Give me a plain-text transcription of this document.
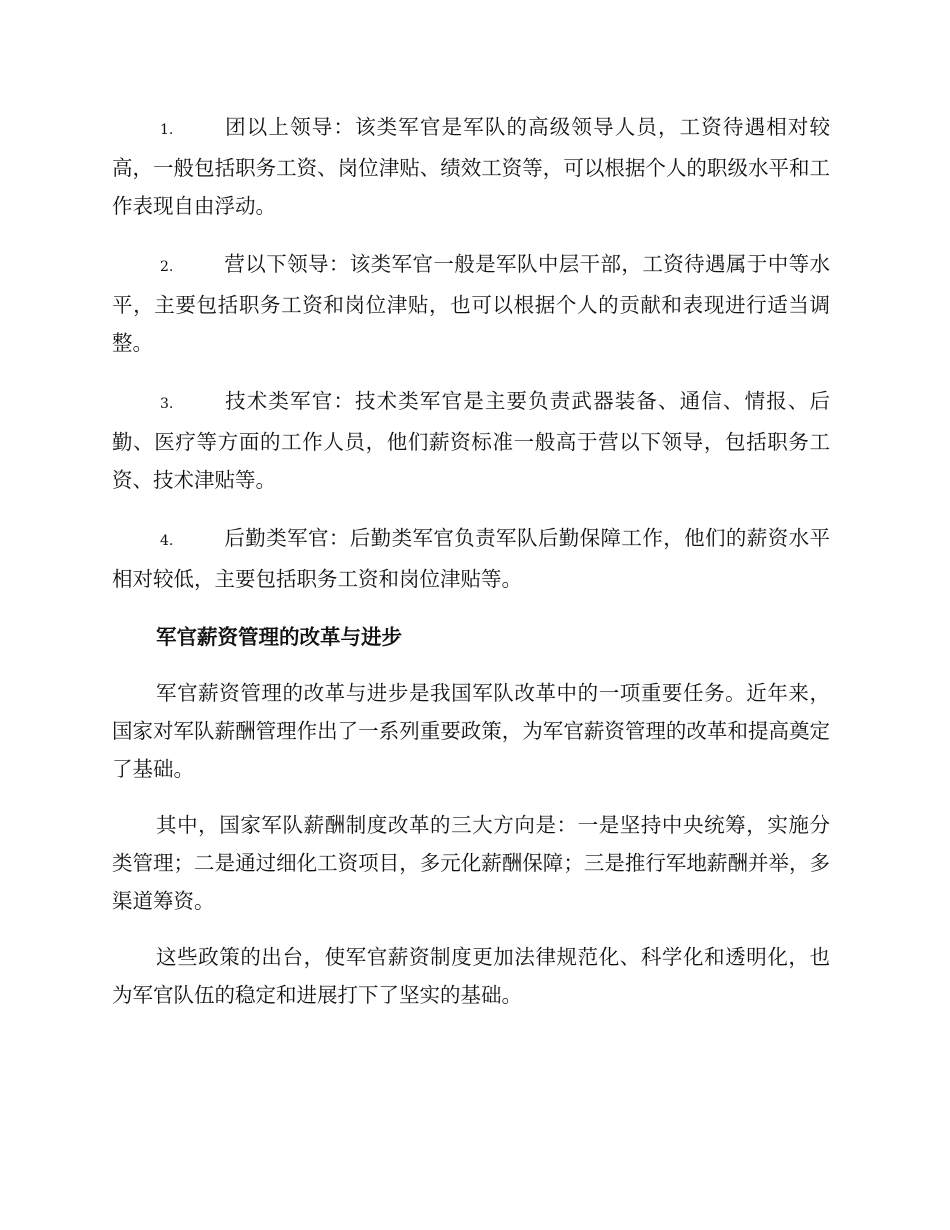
1. 团以上领导：该类军官是军队的高级领导人员，工资待遇相对较高，一般包括职务工资、岗位津贴、绩效工资等，可以根据个人的职级水平和工作表现自由浮动。
2. 营以下领导：该类军官一般是军队中层干部，工资待遇属于中等水平，主要包括职务工资和岗位津贴，也可以根据个人的贡献和表现进行适当调整。
3. 技术类军官：技术类军官是主要负责武器装备、通信、情报、后勤、医疗等方面的工作人员，他们薪资标准一般高于营以下领导，包括职务工资、技术津贴等。
4. 后勤类军官：后勤类军官负责军队后勤保障工作，他们的薪资水平相对较低，主要包括职务工资和岗位津贴等。
军官薪资管理的改革与进步

军官薪资管理的改革与进步是我国军队改革中的一项重要任务。近年来，国家对军队薪酬管理作出了一系列重要政策，为军官薪资管理的改革和提高奠定了基础。

其中，国家军队薪酬制度改革的三大方向是：一是坚持中央统筹，实施分类管理；二是通过细化工资项目，多元化薪酬保障；三是推行军地薪酬并举，多渠道筹资。

这些政策的出台，使军官薪资制度更加法律规范化、科学化和透明化，也为军官队伍的稳定和进展打下了坚实的基础。
